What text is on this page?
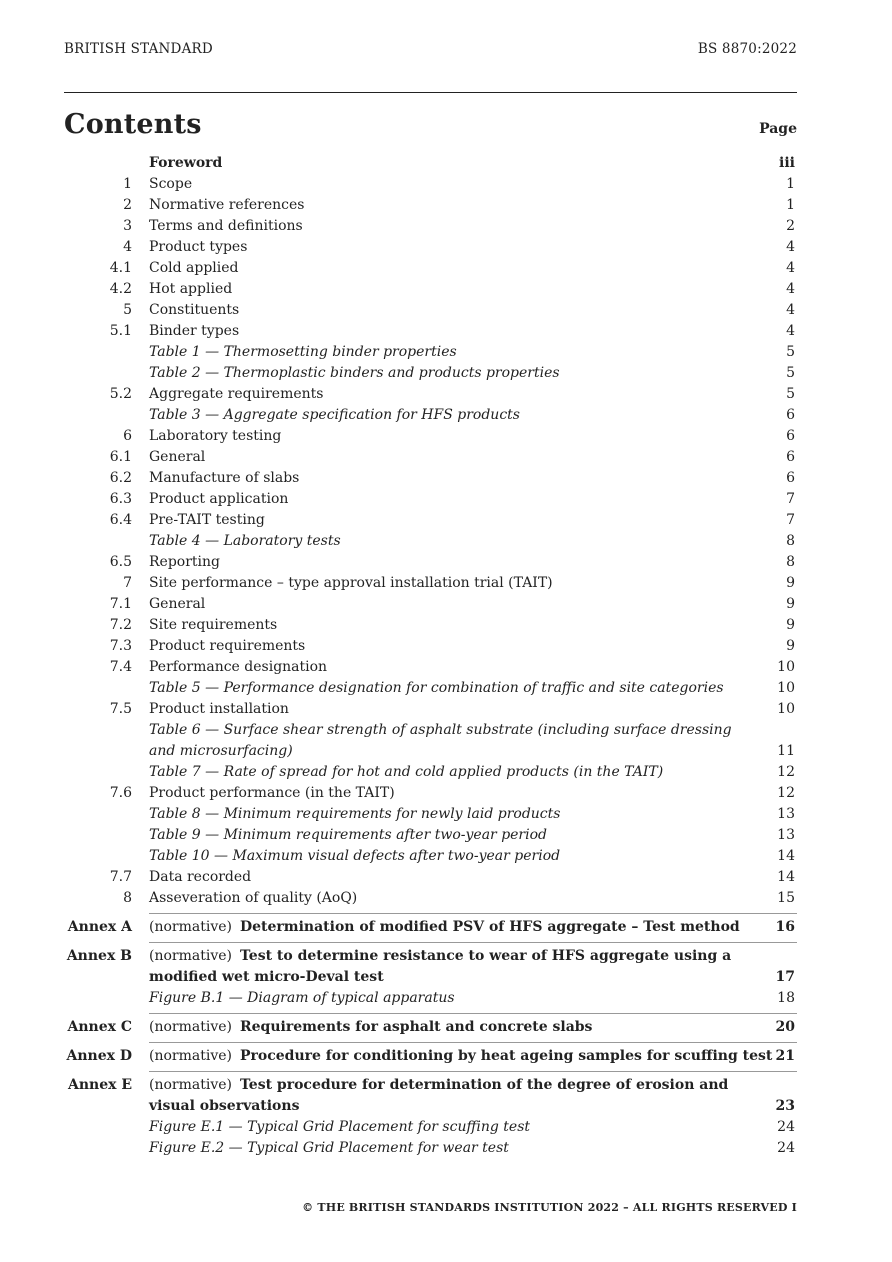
BRITISH STANDARD	BS 8870:2022
Contents	Page
Foreword	iii
1 Scope	1
2 Normative references	1
3 Terms and definitions	2
4 Product types	4
4.1 Cold applied	4
4.2 Hot applied	4
5 Constituents	4
5.1 Binder types	4
Table 1 — Thermosetting binder properties	5
Table 2 — Thermoplastic binders and products properties	5
5.2 Aggregate requirements	5
Table 3 — Aggregate specification for HFS products	6
6 Laboratory testing	6
6.1 General	6
6.2 Manufacture of slabs	6
6.3 Product application	7
6.4 Pre-TAIT testing	7
Table 4 — Laboratory tests	8
6.5 Reporting	8
7 Site performance – type approval installation trial (TAIT)	9
7.1 General	9
7.2 Site requirements	9
7.3 Product requirements	9
7.4 Performance designation	10
Table 5 — Performance designation for combination of traffic and site categories	10
7.5 Product installation	10
Table 6 — Surface shear strength of asphalt substrate (including surface dressing and microsurfacing)	11
Table 7 — Rate of spread for hot and cold applied products (in the TAIT)	12
7.6 Product performance (in the TAIT)	12
Table 8 — Minimum requirements for newly laid products	13
Table 9 — Minimum requirements after two-year period	13
Table 10 — Maximum visual defects after two-year period	14
7.7 Data recorded	14
8 Asseveration of quality (AoQ)	15
Annex A (normative) Determination of modified PSV of HFS aggregate – Test method	16
Annex B (normative) Test to determine resistance to wear of HFS aggregate using a modified wet micro-Deval test	17
Figure B.1 — Diagram of typical apparatus	18
Annex C (normative) Requirements for asphalt and concrete slabs	20
Annex D (normative) Procedure for conditioning by heat ageing samples for scuffing test 21
Annex E (normative) Test procedure for determination of the degree of erosion and visual observations	23
Figure E.1 — Typical Grid Placement for scuffing test	24
Figure E.2 — Typical Grid Placement for wear test	24
© THE BRITISH STANDARDS INSTITUTION 2022 – ALL RIGHTS RESERVED I
